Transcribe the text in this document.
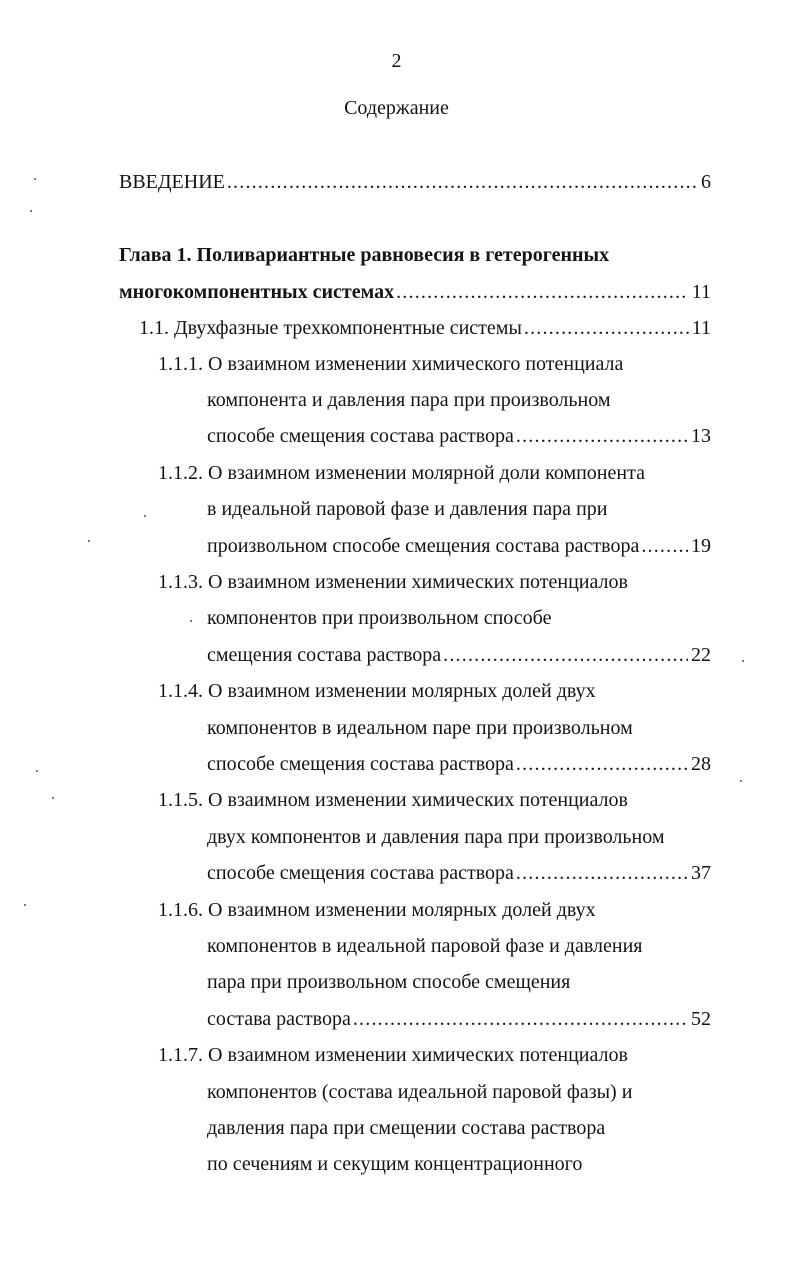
2
Содержание
ВВЕДЕНИЕ .....	6
Глава 1. Поливариантные равновесия в гетерогенных
многокомпонентных системах .....	11
1.1. Двухфазные трехкомпонентные системы .....	11
1.1.1. О взаимном изменении химического потенциала
компонента и давления пара при произвольном
способе смещения состава раствора .....	13
1.1.2. О взаимном изменении молярной доли компонента
в идеальной паровой фазе и давления пара при
произвольном способе смещения состава раствора .....	19
1.1.3. О взаимном изменении химических потенциалов
компонентов при произвольном способе
смещения состава раствора .....	22
1.1.4. О взаимном изменении молярных долей двух
компонентов в идеальном паре при произвольном
способе смещения состава раствора .....	28
1.1.5. О взаимном изменении химических потенциалов
двух компонентов и давления пара при произвольном
способе смещения состава раствора .....	37
1.1.6. О взаимном изменении молярных долей двух
компонентов в идеальной паровой фазе и давления
пара при произвольном способе смещения
состава раствора .....	52
1.1.7. О взаимном изменении химических потенциалов
компонентов (состава идеальной паровой фазы) и
давления пара при смещении состава раствора
по сечениям и секущим концентрационного
